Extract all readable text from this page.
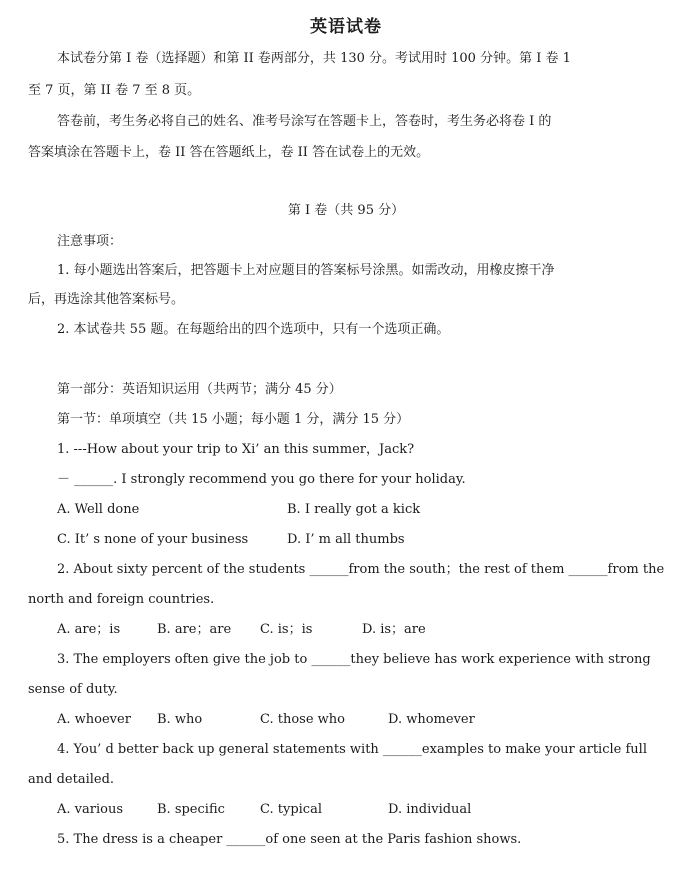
英语试卷
本试卷分第 I 卷（选择题）和第 II 卷两部分，共 130 分。考试用时 100 分钟。第 I 卷 1
至 7 页，第 II 卷 7 至 8 页。
答卷前，考生务必将自己的姓名、准考号涂写在答题卡上，答卷时，考生务必将卷 I 的
答案填涂在答题卡上，卷 II 答在答题纸上，卷 II 答在试卷上的无效。
第 I 卷（共 95 分）
注意事项：
1. 每小题选出答案后，把答题卡上对应题目的答案标号涂黑。如需改动，用橡皮擦干净
后，再选涂其他答案标号。
2. 本试卷共 55 题。在每题给出的四个选项中，只有一个选项正确。
第一部分：英语知识运用（共两节；满分 45 分）
第一节：单项填空（共 15 小题；每小题 1 分，满分 15 分）
1. ---How about your trip to Xi’ an this summer，Jack?
－ ______. I strongly recommend you go there for your holiday.
A. Well done	B. I really got a kick
C. It’ s none of your business	D. I’ m all thumbs
2. About sixty percent of the students ______from the south；the rest of them ______from the
north and foreign countries.
A. are；is	B. are；are C. is；is	D. is；are
3. The employers often give the job to ______they believe has work experience with strong
sense of duty.
A. whoever B. who	C. those who	D. whomever
4. You’ d better back up general statements with ______examples to make your article full
and detailed.
A. various	B. specific	C. typical	D. individual
5. The dress is a cheaper ______of one seen at the Paris fashion shows.
